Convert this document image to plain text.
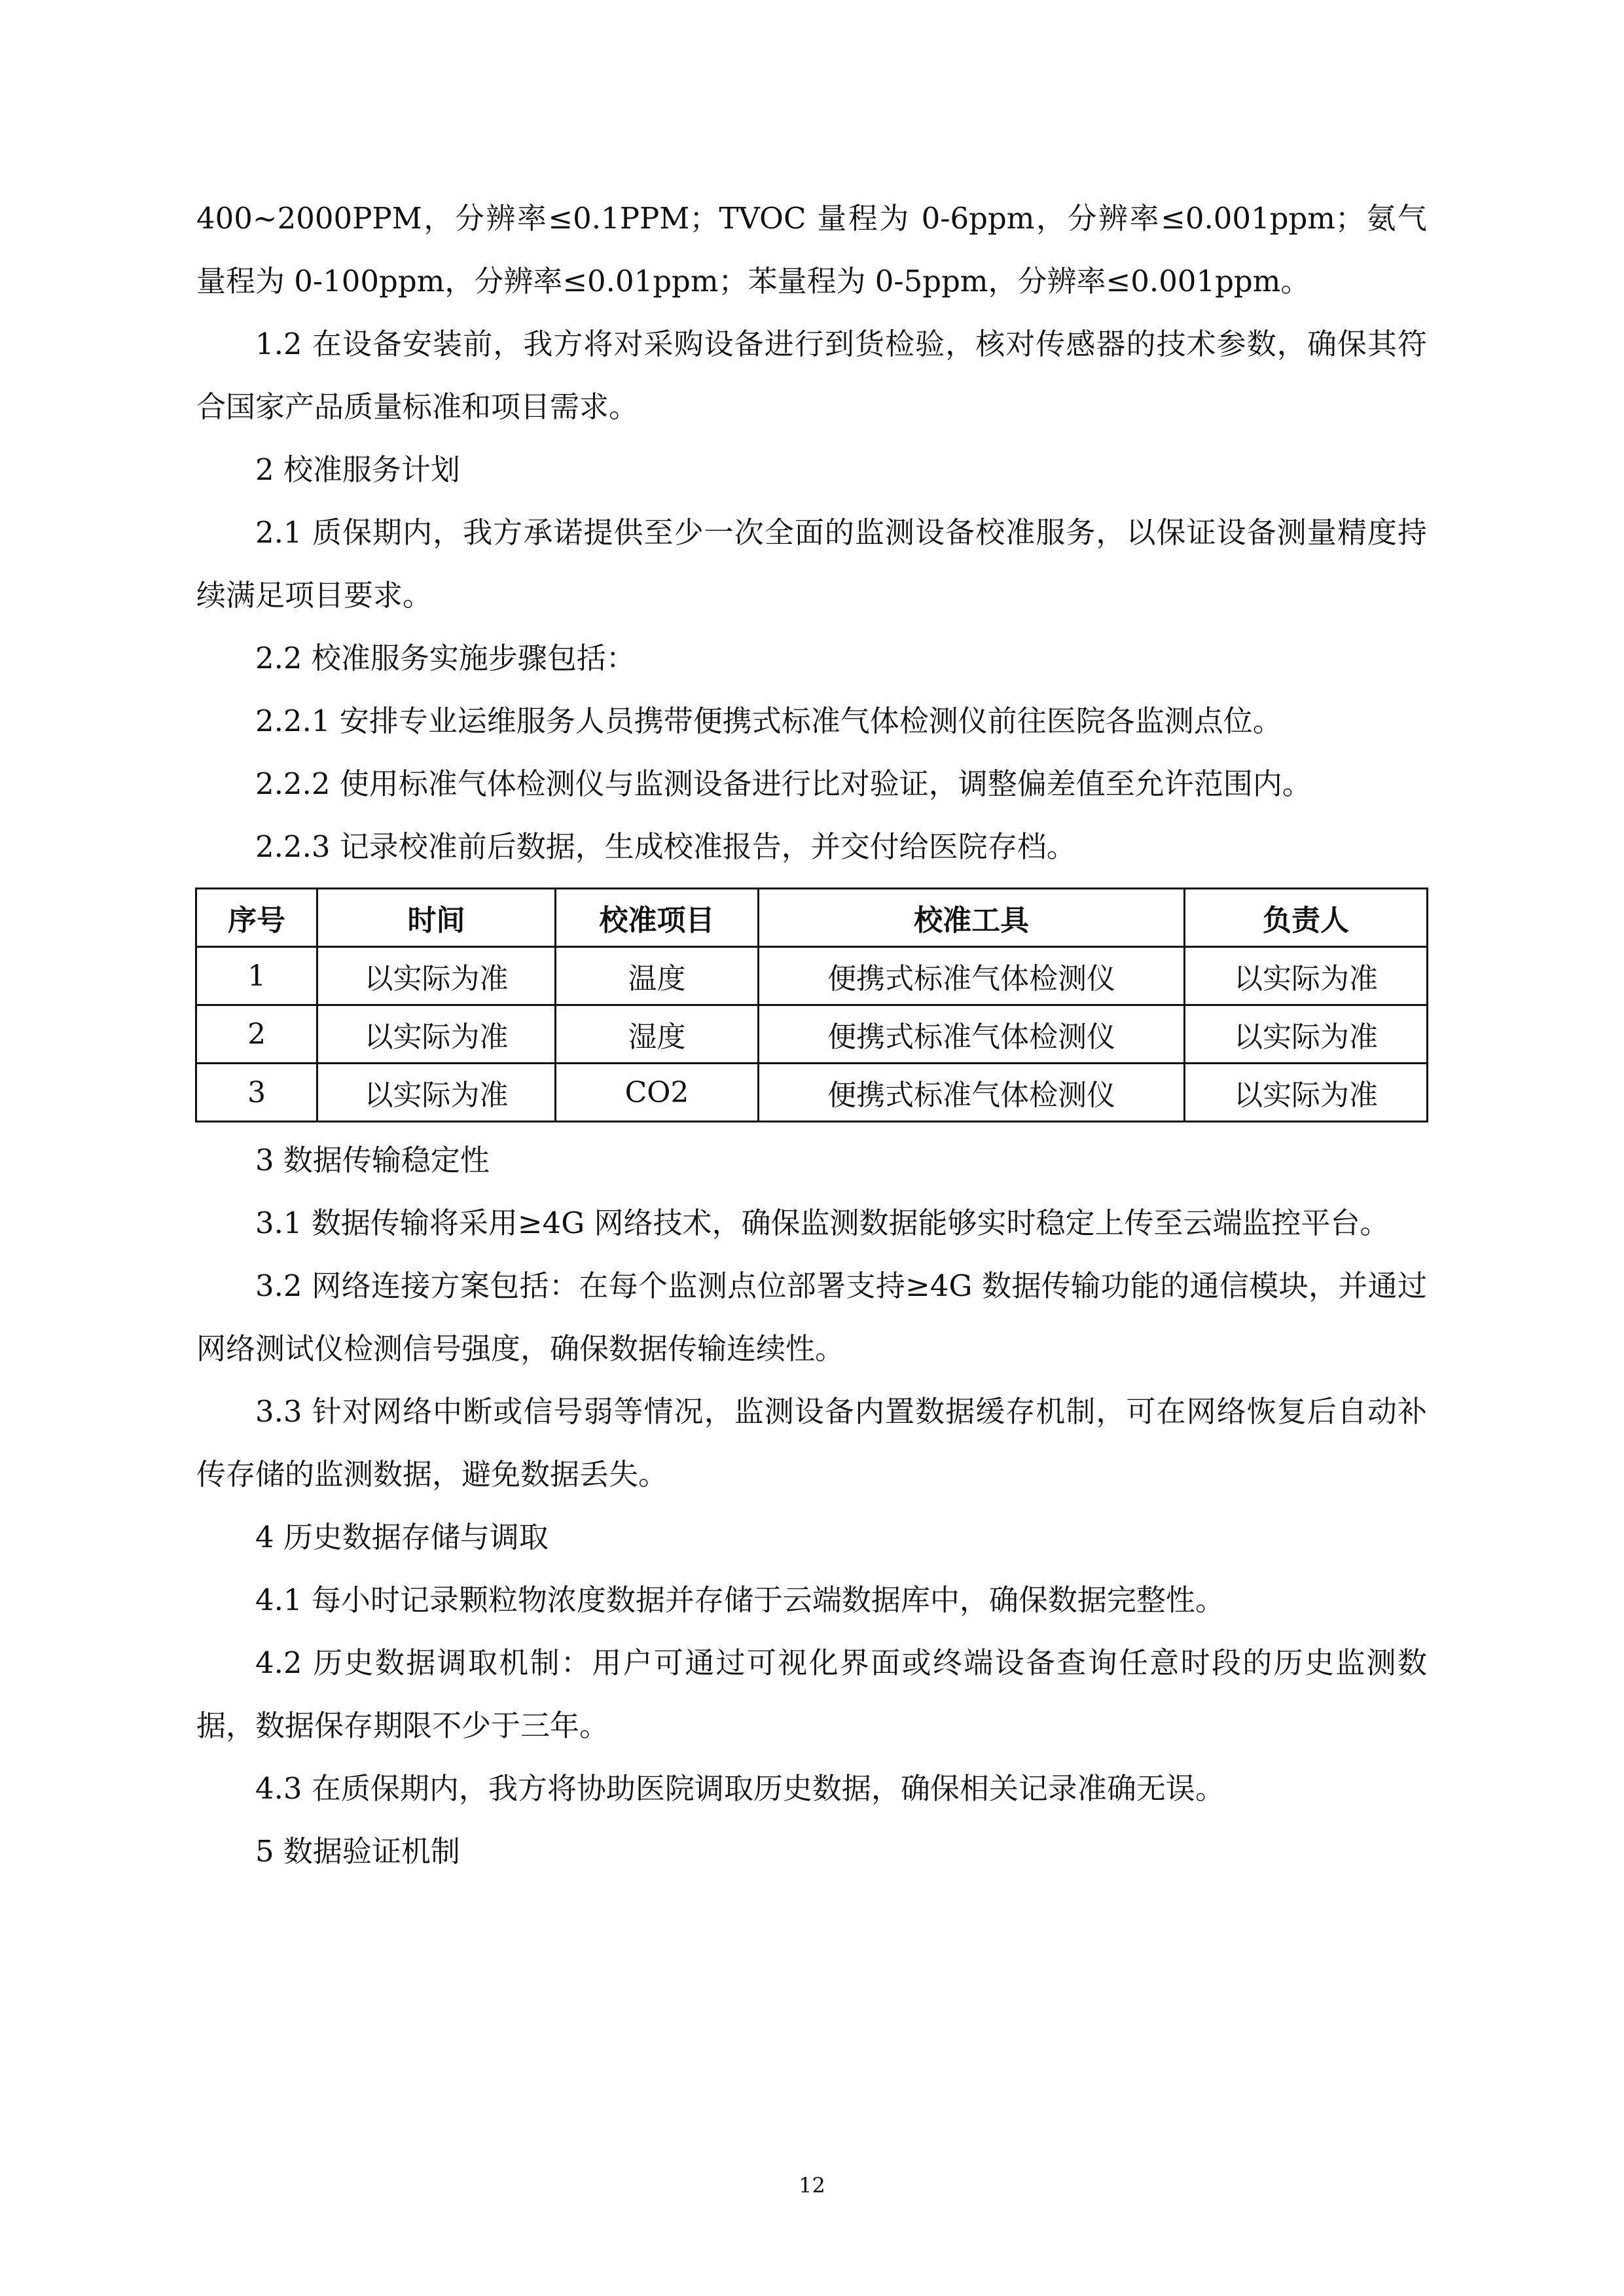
400~2000PPM，分辨率≤0.1PPM；TVOC 量程为 0-6ppm，分辨率≤0.001ppm；氨气量程为 0-100ppm，分辨率≤0.01ppm；苯量程为 0-5ppm，分辨率≤0.001ppm。

1.2 在设备安装前，我方将对采购设备进行到货检验，核对传感器的技术参数，确保其符合国家产品质量标准和项目需求。

2 校准服务计划

2.1 质保期内，我方承诺提供至少一次全面的监测设备校准服务，以保证设备测量精度持续满足项目要求。

2.2 校准服务实施步骤包括：

2.2.1 安排专业运维服务人员携带便携式标准气体检测仪前往医院各监测点位。

2.2.2 使用标准气体检测仪与监测设备进行比对验证，调整偏差值至允许范围内。

2.2.3 记录校准前后数据，生成校准报告，并交付给医院存档。

序号	时间	校准项目	校准工具	负责人
1	以实际为准	温度	便携式标准气体检测仪	以实际为准
2	以实际为准	湿度	便携式标准气体检测仪	以实际为准
3	以实际为准	CO2	便携式标准气体检测仪	以实际为准

3 数据传输稳定性

3.1 数据传输将采用≥4G 网络技术，确保监测数据能够实时稳定上传至云端监控平台。

3.2 网络连接方案包括：在每个监测点位部署支持≥4G 数据传输功能的通信模块，并通过网络测试仪检测信号强度，确保数据传输连续性。

3.3 针对网络中断或信号弱等情况，监测设备内置数据缓存机制，可在网络恢复后自动补传存储的监测数据，避免数据丢失。

4 历史数据存储与调取

4.1 每小时记录颗粒物浓度数据并存储于云端数据库中，确保数据完整性。

4.2 历史数据调取机制：用户可通过可视化界面或终端设备查询任意时段的历史监测数据，数据保存期限不少于三年。

4.3 在质保期内，我方将协助医院调取历史数据，确保相关记录准确无误。

5 数据验证机制

12
